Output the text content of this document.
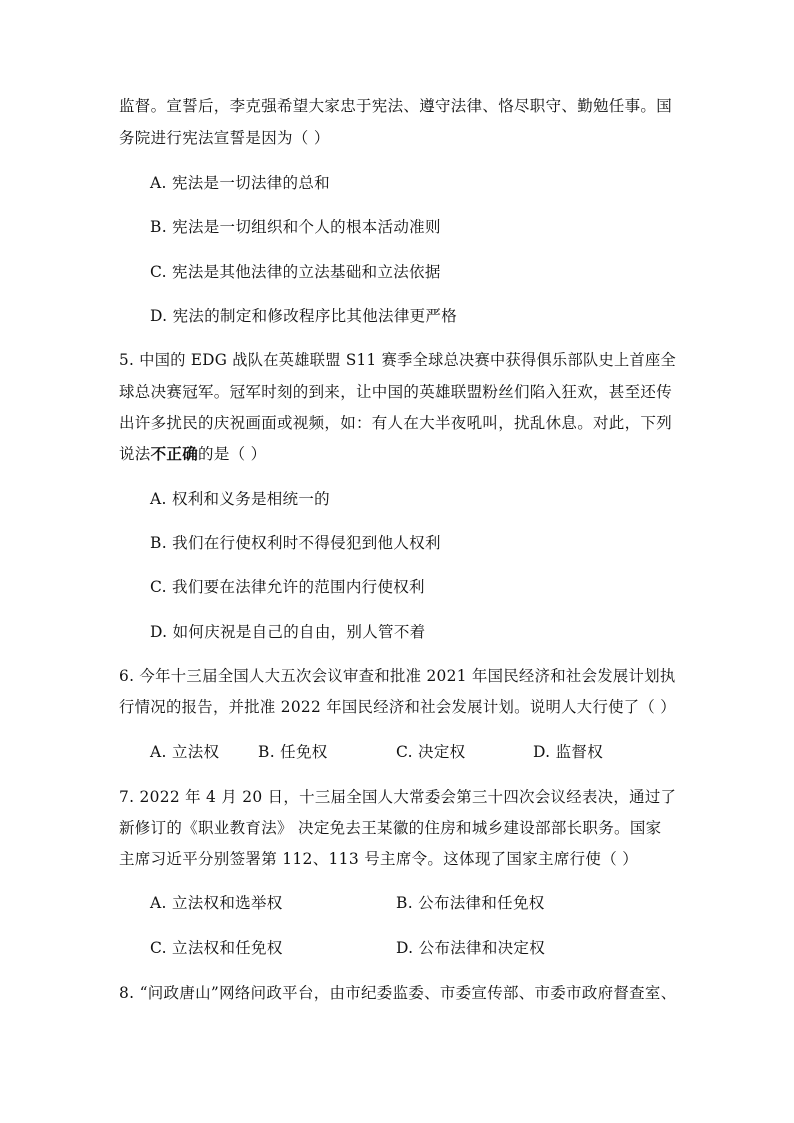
监督。宣誓后，李克强希望大家忠于宪法、遵守法律、恪尽职守、勤勉任事。国
务院进行宪法宣誓是因为（ ）
A. 宪法是一切法律的总和
B. 宪法是一切组织和个人的根本活动准则
C. 宪法是其他法律的立法基础和立法依据
D. 宪法的制定和修改程序比其他法律更严格
5. 中国的 EDG 战队在英雄联盟 S11 赛季全球总决赛中获得俱乐部队史上首座全
球总决赛冠军。冠军时刻的到来，让中国的英雄联盟粉丝们陷入狂欢，甚至还传
出许多扰民的庆祝画面或视频，如：有人在大半夜吼叫，扰乱休息。对此，下列
说法不正确的是（ ）
A. 权利和义务是相统一的
B. 我们在行使权利时不得侵犯到他人权利
C. 我们要在法律允许的范围内行使权利
D. 如何庆祝是自己的自由，别人管不着
6. 今年十三届全国人大五次会议审查和批准 2021 年国民经济和社会发展计划执
行情况的报告，并批准 2022 年国民经济和社会发展计划。说明人大行使了（ ）
A. 立法权 B. 任免权	C. 决定权	D. 监督权
7. 2022 年 4 月 20 日，十三届全国人大常委会第三十四次会议经表决，通过了
新修订的《职业教育法》 决定免去王某徽的住房和城乡建设部部长职务。国家
主席习近平分别签署第 112、113 号主席令。这体现了国家主席行使（ ）
A. 立法权和选举权	B. 公布法律和任免权
C. 立法权和任免权	D. 公布法律和决定权
8. “问政唐山”网络问政平台，由市纪委监委、市委宣传部、市委市政府督查室、
